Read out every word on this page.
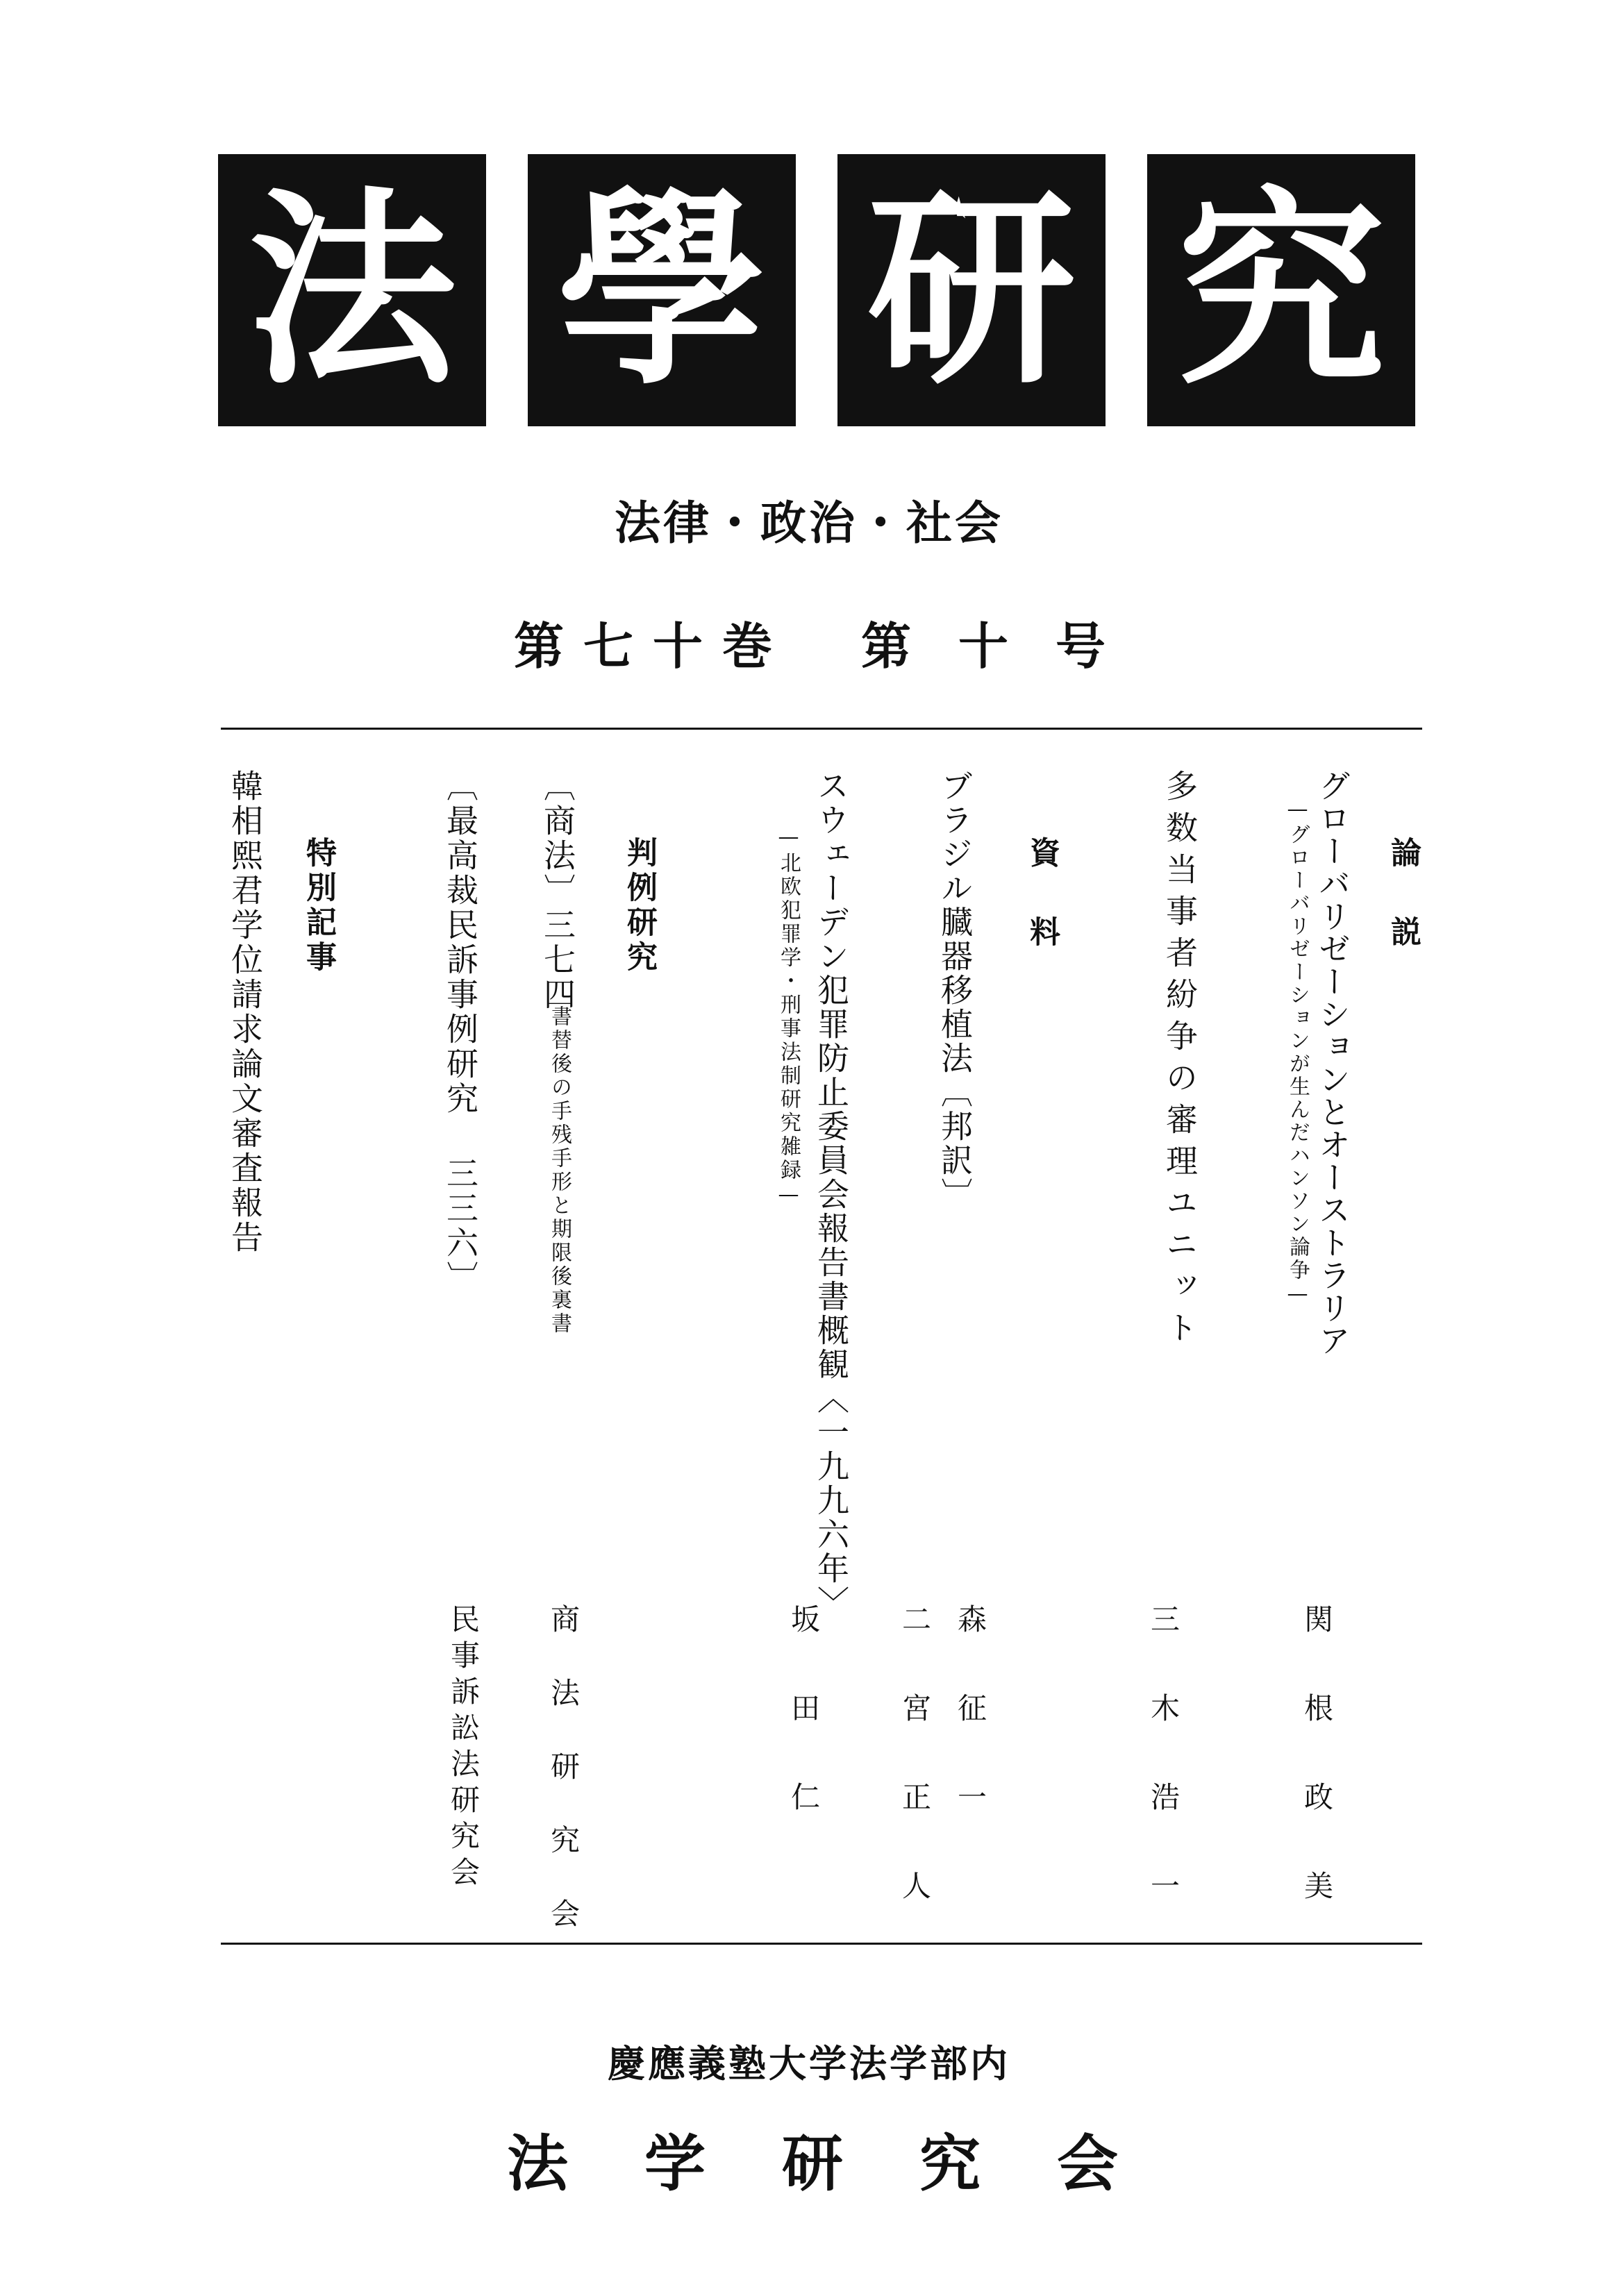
法 學 研 究
法律・政治・社会
第 七 十 巻	第 十 号
論説
グローバリゼーションとオーストラリア
—グローバリゼーションが生んだハンソン論争—
関根政美
多数当事者紛争の審理ユニット
三木浩一
資料
ブラジル臓器移植法〔邦訳〕
森征一
二宮正人
スウェーデン犯罪防止委員会報告書概観〈一九九六年〉
—北欧犯罪学・刑事法制研究雑録—
坂田仁
判例研究
〔商法〕三七四
書替後の手残手形と期限後裏書
商法研究会
〔最高裁民訴事例研究 三三六〕
民事訴訟法研究会
特別記事
韓相熙君学位請求論文審査報告
慶應義塾大学法学部内
法 学 研 究 会
